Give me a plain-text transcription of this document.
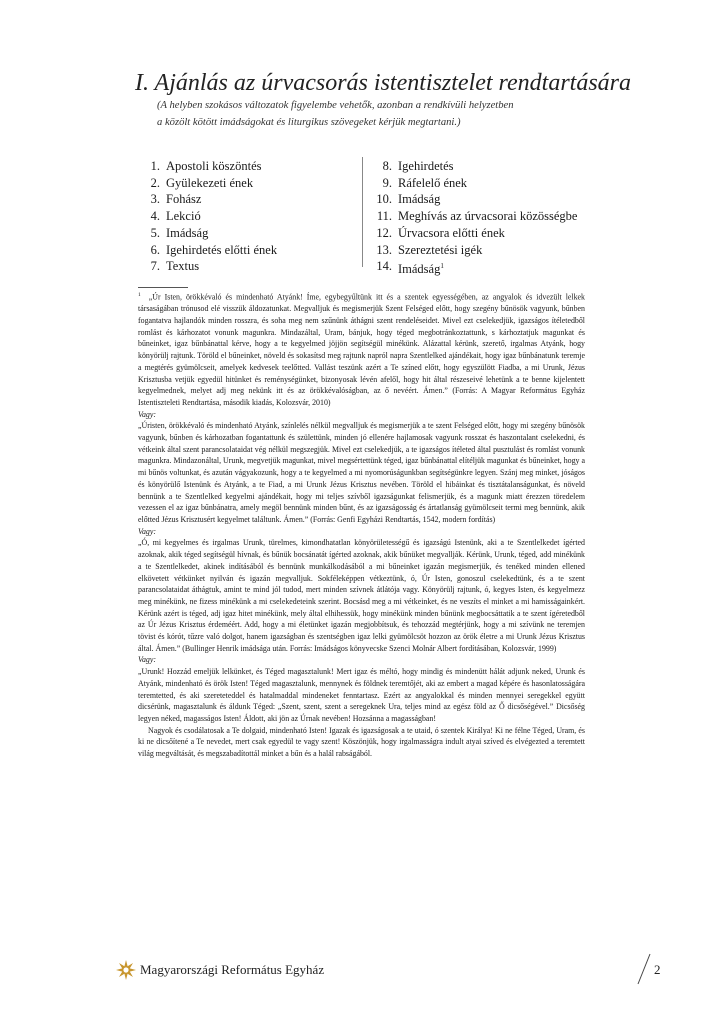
I. Ajánlás az úrvacsorás istentisztelet rendtartására
(A helyben szokásos változatok figyelembe vehetők, azonban a rendkívüli helyzetben
a közölt kötött imádságokat és liturgikus szövegeket kérjük megtartani.)
1. Apostoli köszöntés
2. Gyülekezeti ének
3. Fohász
4. Lekció
5. Imádság
6. Igehirdetés előtti ének
7. Textus
8. Igehirdetés
9. Ráfelelő ének
10. Imádság
11. Meghívás az úrvacsorai közösségbe
12. Úrvacsora előtti ének
13. Szereztetési igék
14. Imádság$^1$

$^1$ „Úr Isten, örökkévaló és mindenható Atyánk! Íme, egybegyűltünk itt és a szentek egyességében, az angyalok és idvezült lelkek társaságában trónusod elé visszük áldozatunkat. Megvalljuk és megismerjük Szent Felséged előtt, hogy szegény bűnösök vagyunk, bűnben fogantatva hajlandók minden rosszra, és soha meg nem szűnünk áthágni szent rendeléseidet. Mivel ezt cselekedjük, igazságos ítéletedből romlást és kárhozatot vonunk magunkra. Mindazáltal, Uram, bánjuk, hogy téged megbotránkoztattunk, s kárhoztatjuk magunkat és bűneinket, igaz bűnbánattal kérve, hogy a te kegyelmed jöjjön segítségül minékünk. Alázattal kérünk, szerető, irgalmas Atyánk, hogy könyörülj rajtunk. Töröld el bűneinket, növeld és sokasítsd meg rajtunk napról napra Szentlelked ajándékait, hogy igaz bűnbánatunk teremje a megtérés gyümölcseit, amelyek kedvesek teelőtted. Vallást teszünk azért a Te színed előtt, hogy egyszülött Fiadba, a mi Urunk, Jézus Krisztusba vetjük egyedül hitünket és reménységünket, bizonyosak lévén afelől, hogy hit által részeseivé lehetünk a te benne kijelentett kegyelmednek, melyet adj meg nekünk itt és az örökkévalóságban, az ő nevéért. Ámen.” (Forrás: A Magyar Református Egyház Istentiszteleti Rendtartása, második kiadás, Kolozsvár, 2010)

Vagy:

„Úristen, örökkévaló és mindenható Atyánk, színlelés nélkül megvalljuk és megismerjük a te szent Felséged előtt, hogy mi szegény bűnösök vagyunk, bűnben és kárhozatban fogantattunk és születtünk, minden jó ellenére hajlamosak vagyunk rosszat és haszontalant cselekedni, és vétkeink által szent parancsolataidat vég nélkül megszegjük. Mivel ezt cselekedjük, a te igazságos ítéleted által pusztulást és romlást vonunk magunkra. Mindazonáltal, Urunk, megvetjük magunkat, mivel megsértettünk téged, igaz bűnbánattal elítéljük magunkat és bűneinket, hogy a mi bűnös voltunkat, és azután vágyakozunk, hogy a te kegyelmed a mi nyomorúságunkban segítségünkre legyen. Szánj meg minket, jóságos és könyörülő Istenünk és Atyánk, a te Fiad, a mi Urunk Jézus Krisztus nevében. Töröld el hibáinkat és tisztátalanságunkat, és növeld bennünk a te Szentlelked kegyelmi ajándékait, hogy mi teljes szívből igazságunkat felismerjük, és a magunk miatt érezzen töredelem vezessen el az igaz bűnbánatra, amely megöl bennünk minden bűnt, és az igazságosság és ártatlanság gyümölcseit termi meg bennünk, akik előtted Jézus Krisztusért kegyelmet találtunk. Ámen.” (Forrás: Genfi Egyházi Rendtartás, 1542, modern fordítás)

Vagy:

„Ó, mi kegyelmes és irgalmas Urunk, türelmes, kimondhatatlan könyörületességű és igazságú Istenünk, aki a te Szentlelkedet ígérted azoknak, akik téged segítségül hívnak, és bűnük bocsánatát ígérted azoknak, akik bűnüket megvallják. Kérünk, Urunk, téged, add minékünk a te Szentlelkedet, akinek indításából és bennünk munkálkodásából a mi bűneinket igazán megismerjük, és tenéked minden ellened elkövetett vétkünket nyilván és igazán megvalljuk. Sokféleképpen vétkeztünk, ó, Úr Isten, gonoszul cselekedtünk, és a te szent parancsolataidat áthágtuk, amint te mind jól tudod, mert minden szívnek átlátója vagy. Könyörülj rajtunk, ó, kegyes Isten, és kegyelmezz meg minékünk, ne fizess minékünk a mi cselekedeteink szerint. Bocsásd meg a mi vétkeinket, és ne veszíts el minket a mi hamisságainkért. Kérünk azért is téged, adj igaz hitet minékünk, mely által elhihessük, hogy minékünk minden bűnünk megbocsáttatik a te szent ígéretedből az Úr Jézus Krisztus érdeméért. Add, hogy a mi életünket igazán megjobbítsuk, és tehozzád megtérjünk, hogy a mi szívünk ne teremjen tövist és kórót, tűzre való dolgot, hanem igazságban és szentségben igaz lelki gyümölcsöt hozzon az örök életre a mi Urunk Jézus Krisztus által. Ámen.” (Bullinger Henrik imádsága után. Forrás: Imádságos könyvecske Szenci Molnár Albert fordításában, Kolozsvár, 1999)

Vagy:

„Urunk! Hozzád emeljük lelkünket, és Téged magasztalunk! Mert igaz és méltó, hogy mindig és mindenütt hálát adjunk neked, Urunk és Atyánk, mindenható és örök Isten! Téged magasztalunk, mennynek és földnek teremtőjét, aki az embert a magad képére és hasonlatosságára teremtetted, és aki szereteteddel és hatalmaddal mindeneket fenntartasz. Ezért az angyalokkal és minden mennyei seregekkel együtt dicsérünk, magasztalunk és áldunk Téged: „Szent, szent, szent a seregeknek Ura, teljes mind az egész föld az Ő dicsőségével.” Dicsőség legyen néked, magasságos Isten! Áldott, aki jön az Úrnak nevében! Hozsánna a magasságban!

Nagyok és csodálatosak a Te dolgaid, mindenható Isten! Igazak és igazságosak a te utaid, ó szentek Királya! Ki ne félne Téged, Uram, és ki ne dicsőítené a Te nevedet, mert csak egyedül te vagy szent! Köszönjük, hogy irgalmasságra indult atyai szíved és elvégezted a teremtett világ megváltását, és megszabadítottál minket a bűn és a halál rabságából.

Magyarországi Református Egyház	2
